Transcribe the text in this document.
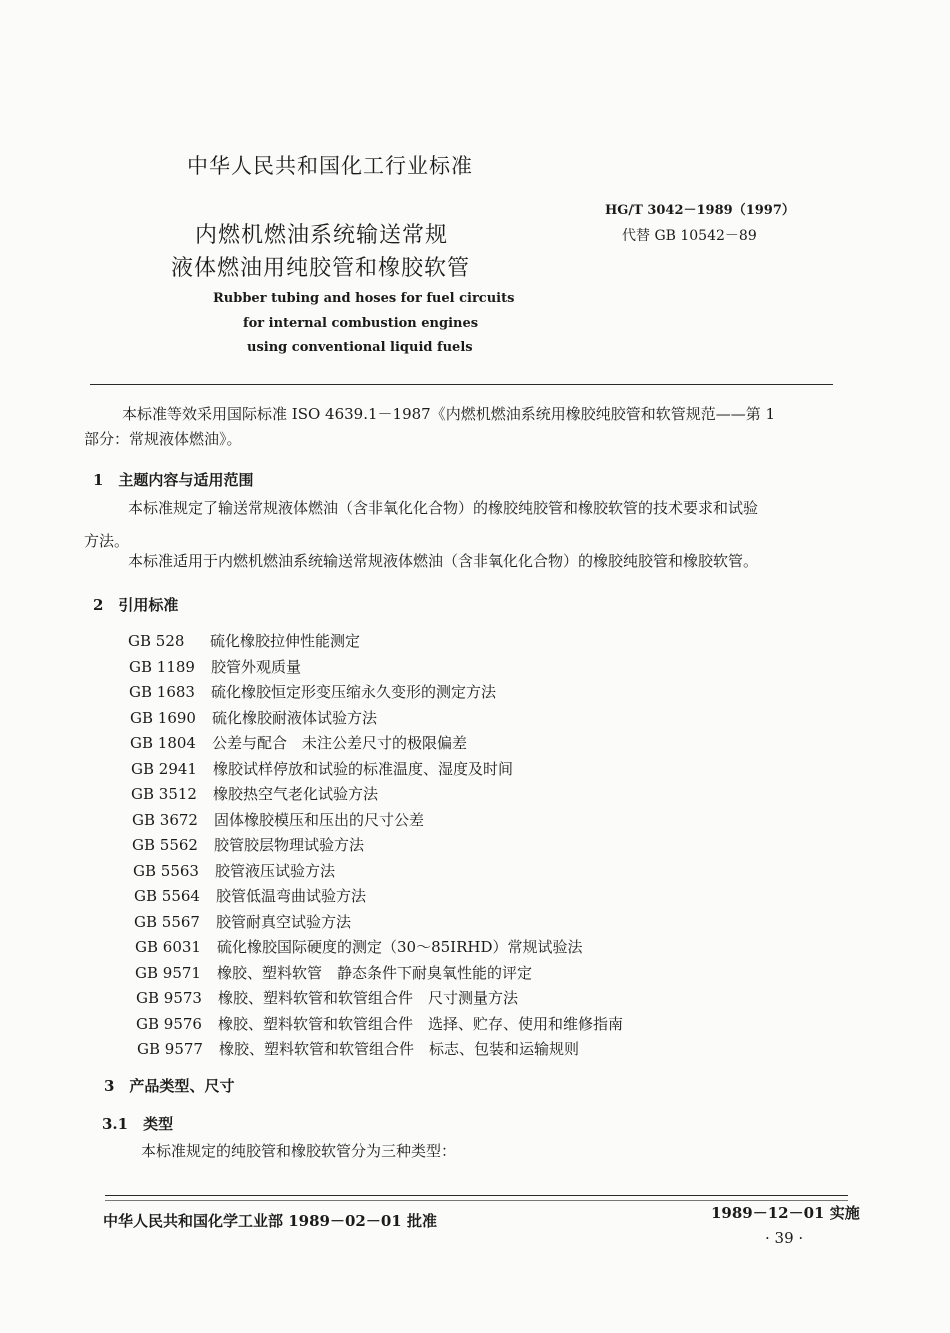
中华人民共和国化工行业标准
内燃机燃油系统输送常规
液体燃油用纯胶管和橡胶软管
HG/T 3042－1989（1997）
代替 GB 10542－89
Rubber tubing and hoses for fuel circuits
for internal combustion engines
using conventional liquid fuels
本标准等效采用国际标准 ISO 4639.1－1987《内燃机燃油系统用橡胶纯胶管和软管规范——第 1
部分：常规液体燃油》。
1　主题内容与适用范围
本标准规定了输送常规液体燃油（含非氧化化合物）的橡胶纯胶管和橡胶软管的技术要求和试验
方法。
本标准适用于内燃机燃油系统输送常规液体燃油（含非氧化化合物）的橡胶纯胶管和橡胶软管。
2　引用标准
GB 528 硫化橡胶拉伸性能测定
GB 1189 胶管外观质量
GB 1683 硫化橡胶恒定形变压缩永久变形的测定方法
GB 1690 硫化橡胶耐液体试验方法
GB 1804 公差与配合　未注公差尺寸的极限偏差
GB 2941 橡胶试样停放和试验的标准温度、湿度及时间
GB 3512 橡胶热空气老化试验方法
GB 3672 固体橡胶模压和压出的尺寸公差
GB 5562 胶管胶层物理试验方法
GB 5563 胶管液压试验方法
GB 5564 胶管低温弯曲试验方法
GB 5567 胶管耐真空试验方法
GB 6031 硫化橡胶国际硬度的测定（30～85IRHD）常规试验法
GB 9571 橡胶、塑料软管　静态条件下耐臭氧性能的评定
GB 9573 橡胶、塑料软管和软管组合件　尺寸测量方法
GB 9576 橡胶、塑料软管和软管组合件　选择、贮存、使用和维修指南
GB 9577 橡胶、塑料软管和软管组合件　标志、包装和运输规则
3　产品类型、尺寸
3.1　类型
本标准规定的纯胶管和橡胶软管分为三种类型：
中华人民共和国化学工业部 1989－02－01 批准	1989－12－01 实施
· 39 ·
